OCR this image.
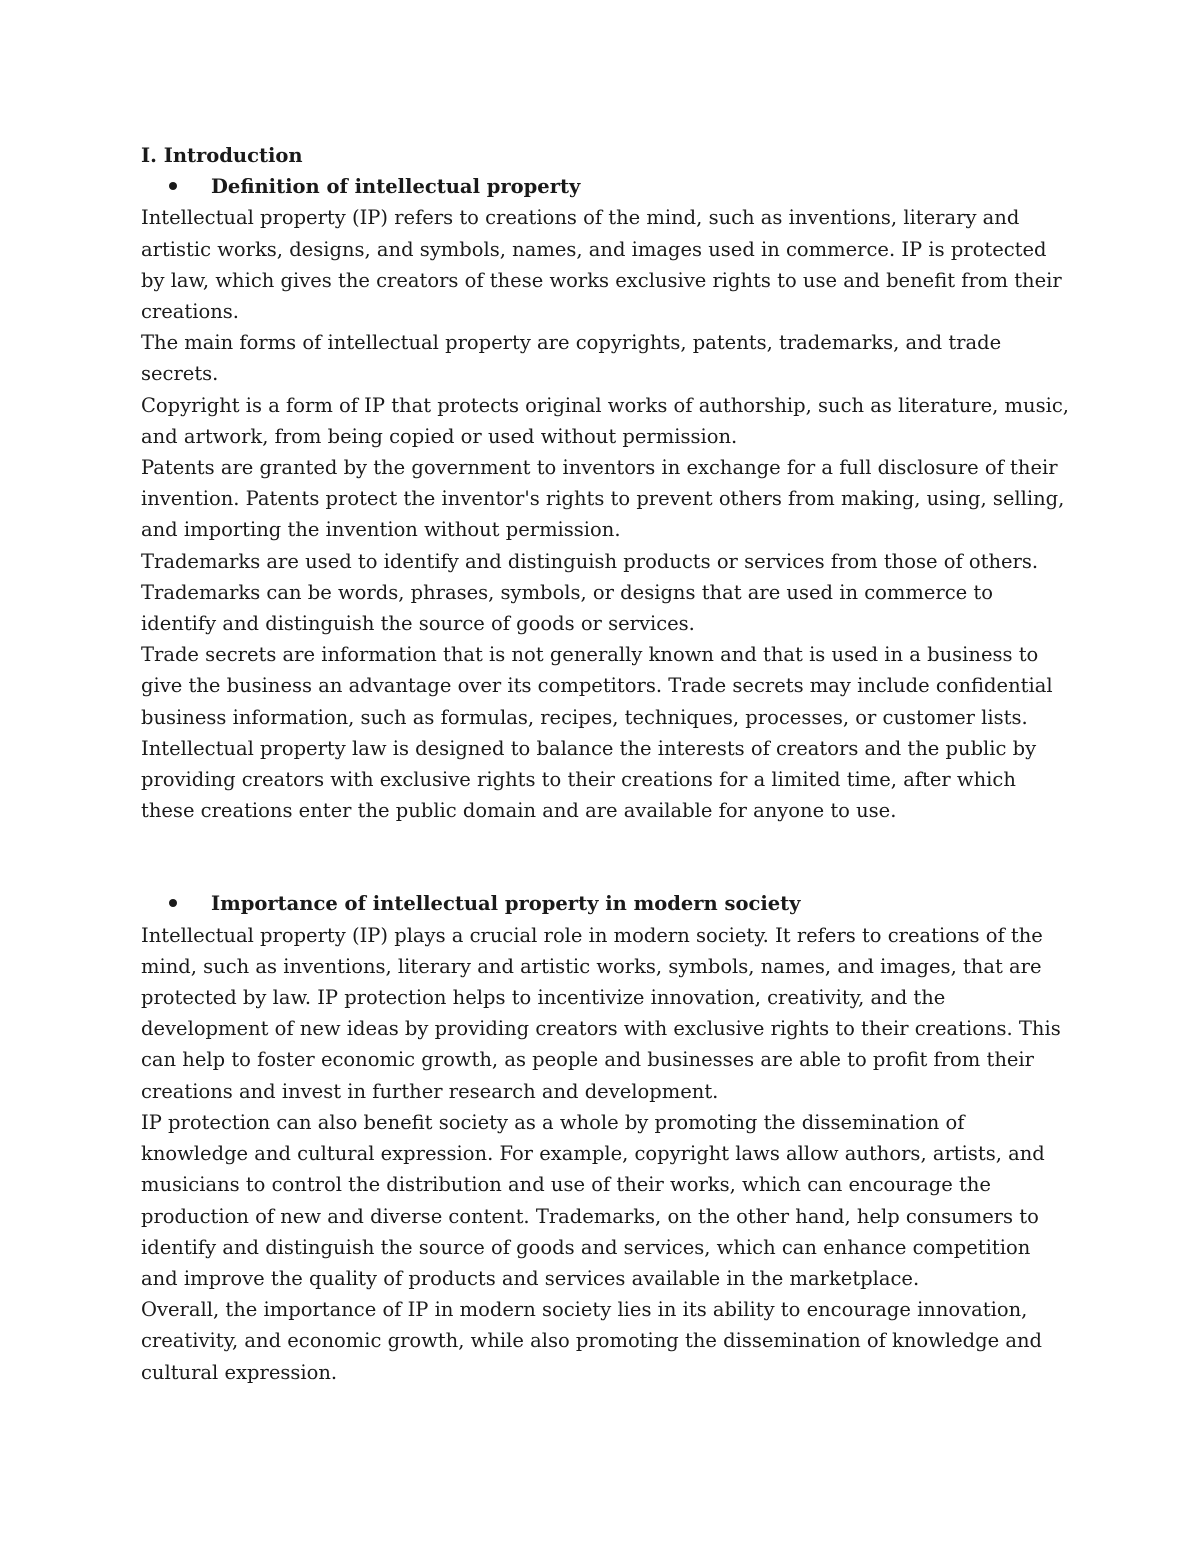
I. Introduction

Definition of intellectual property

Intellectual property (IP) refers to creations of the mind, such as inventions, literary and artistic works, designs, and symbols, names, and images used in commerce. IP is protected by law, which gives the creators of these works exclusive rights to use and benefit from their creations.

The main forms of intellectual property are copyrights, patents, trademarks, and trade secrets.

Copyright is a form of IP that protects original works of authorship, such as literature, music, and artwork, from being copied or used without permission.

Patents are granted by the government to inventors in exchange for a full disclosure of their invention. Patents protect the inventor's rights to prevent others from making, using, selling, and importing the invention without permission.

Trademarks are used to identify and distinguish products or services from those of others. Trademarks can be words, phrases, symbols, or designs that are used in commerce to identify and distinguish the source of goods or services.

Trade secrets are information that is not generally known and that is used in a business to give the business an advantage over its competitors. Trade secrets may include confidential business information, such as formulas, recipes, techniques, processes, or customer lists.

Intellectual property law is designed to balance the interests of creators and the public by providing creators with exclusive rights to their creations for a limited time, after which these creations enter the public domain and are available for anyone to use.

Importance of intellectual property in modern society

Intellectual property (IP) plays a crucial role in modern society. It refers to creations of the mind, such as inventions, literary and artistic works, symbols, names, and images, that are protected by law. IP protection helps to incentivize innovation, creativity, and the development of new ideas by providing creators with exclusive rights to their creations. This can help to foster economic growth, as people and businesses are able to profit from their creations and invest in further research and development.

IP protection can also benefit society as a whole by promoting the dissemination of knowledge and cultural expression. For example, copyright laws allow authors, artists, and musicians to control the distribution and use of their works, which can encourage the production of new and diverse content. Trademarks, on the other hand, help consumers to identify and distinguish the source of goods and services, which can enhance competition and improve the quality of products and services available in the marketplace.

Overall, the importance of IP in modern society lies in its ability to encourage innovation, creativity, and economic growth, while also promoting the dissemination of knowledge and cultural expression.
